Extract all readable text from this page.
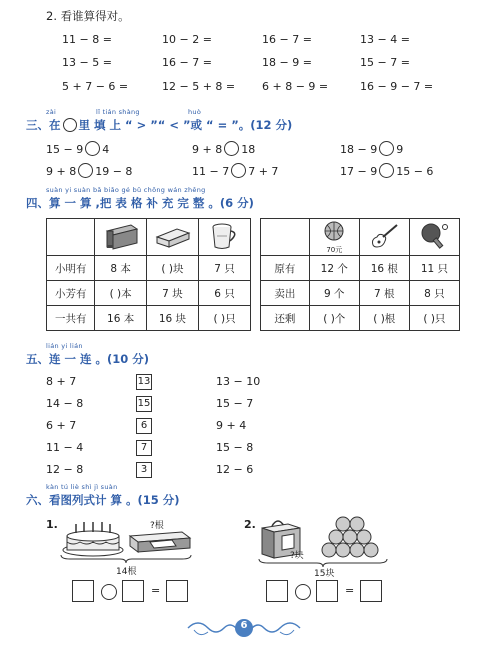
2. 看谁算得对。
11 − 8 =	10 − 2 =	16 − 7 =	13 − 4 =
13 − 5 =	16 − 7 =	18 − 9 =	15 − 7 =
5 + 7 − 6 =	12 − 5 + 8 = 6 + 8 − 9 =	16 − 9 − 7 =
zài	lǐ tián shàng	huò
三、在 里 填 上 “ > ”“ < ”或 “ = ”。(12 分)
15 − 9 4	9 + 8 18	18 − 9 9
9 + 8 19 − 8	11 − 7 7 + 7	17 − 9 15 − 6
suàn yi suàn bǎ biǎo gé bǔ chōng wán zhěng
四、算 一 算 ,把 表 格 补 充 完 整 。(6 分)

小明有	8 本	( )块	7 只
小芳有	( )本	7 块	6 只
一共有	16 本	16 块	( )只

	70元

原有	12 个	16 根	11 只
卖出	9 个	7 根	8 只
还剩	( )个	( )根	( )只
lián yi lián
五、连 一 连 。(10 分)
8 + 7	13	13 − 10
14 − 8	15	15 − 7
6 + 7	6	9 + 4
11 − 4	7	15 − 8
12 − 8	3	12 − 6
kàn tú liè shì jì suàn
六、看图列式计 算 。(15 分)
1.	?根
14根
=
2.
?块
15块
=
6
